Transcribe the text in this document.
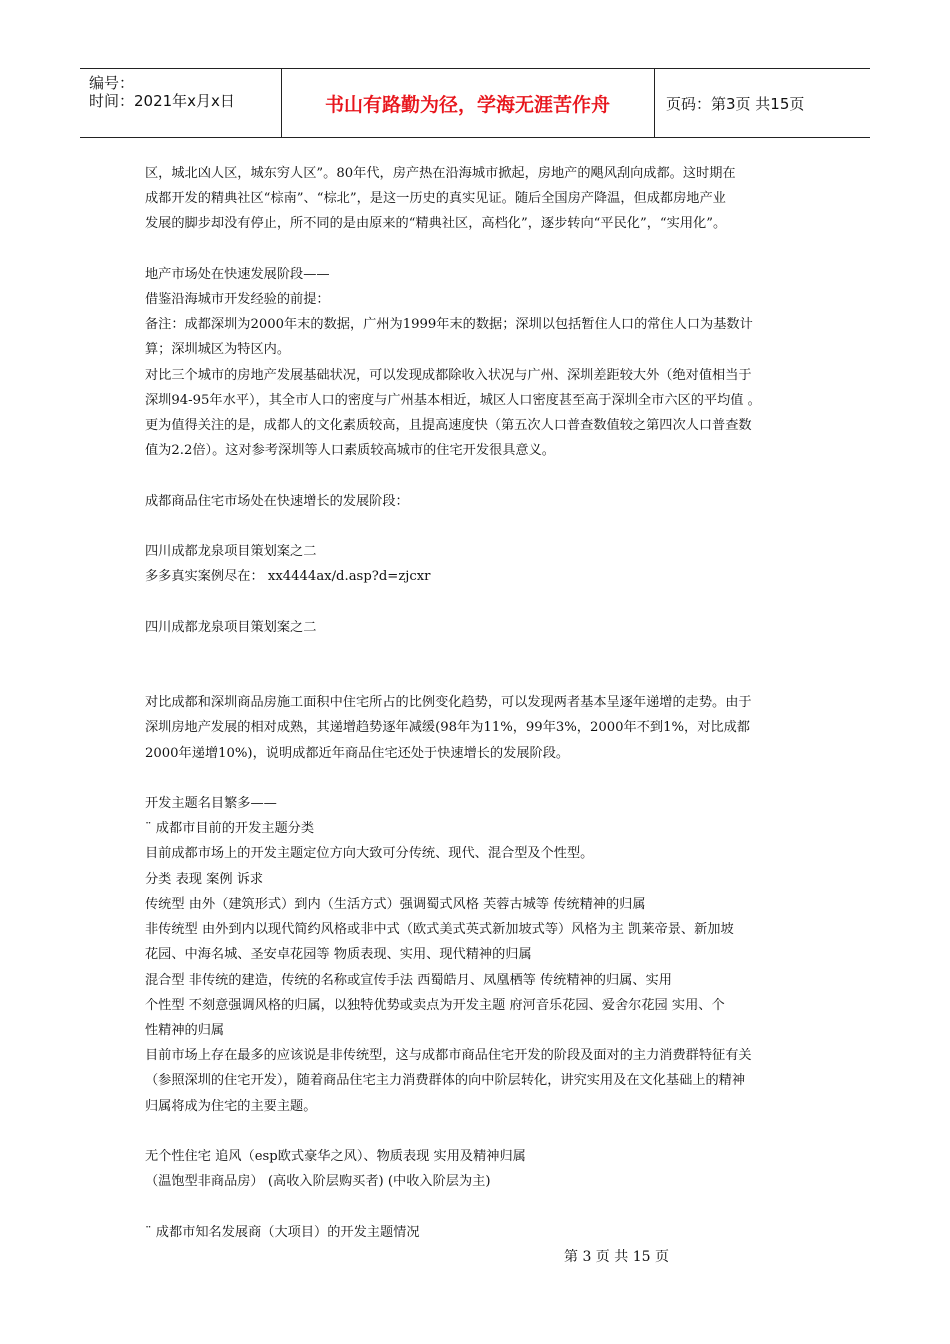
编号：
时间：2021年x月x日	书山有路勤为径，学海无涯苦作舟	页码：第3页 共15页
区，城北凶人区，城东穷人区”。80年代，房产热在沿海城市掀起，房地产的飓风刮向成都。这时期在
成都开发的精典社区“棕南”、“棕北”，是这一历史的真实见证。随后全国房产降温，但成都房地产业
发展的脚步却没有停止，所不同的是由原来的“精典社区，高档化”，逐步转向“平民化”，“实用化”。

地产市场处在快速发展阶段——
借鉴沿海城市开发经验的前提：
备注：成都深圳为2000年末的数据，广州为1999年末的数据；深圳以包括暂住人口的常住人口为基数计
算；深圳城区为特区内。
对比三个城市的房地产发展基础状况，可以发现成都除收入状况与广州、深圳差距较大外（绝对值相当于
深圳94-95年水平），其全市人口的密度与广州基本相近，城区人口密度甚至高于深圳全市六区的平均值 。
更为值得关注的是，成都人的文化素质较高，且提高速度快（第五次人口普查数值较之第四次人口普查数
值为2.2倍）。这对参考深圳等人口素质较高城市的住宅开发很具意义。

成都商品住宅市场处在快速增长的发展阶段：

四川成都龙泉项目策划案之二
多多真实案例尽在： xx4444ax/d.asp?d=zjcxr

四川成都龙泉项目策划案之二

对比成都和深圳商品房施工面积中住宅所占的比例变化趋势，可以发现两者基本呈逐年递增的走势。由于
深圳房地产发展的相对成熟，其递增趋势逐年减缓(98年为11%，99年3%，2000年不到1%，对比成都
2000年递增10%)，说明成都近年商品住宅还处于快速增长的发展阶段。

开发主题名目繁多——
¨ 成都市目前的开发主题分类
目前成都市场上的开发主题定位方向大致可分传统、现代、混合型及个性型。
分类 表现 案例 诉求
传统型 由外（建筑形式）到内（生活方式）强调蜀式风格 芙蓉古城等 传统精神的归属
非传统型 由外到内以现代简约风格或非中式（欧式美式英式新加坡式等）风格为主 凯莱帝景、新加坡
花园、中海名城、圣安卓花园等 物质表现、实用、现代精神的归属
混合型 非传统的建造，传统的名称或宣传手法 西蜀皓月、凤凰栖等 传统精神的归属、实用
个性型 不刻意强调风格的归属，以独特优势或卖点为开发主题 府河音乐花园、爱舍尔花园 实用、个
性精神的归属
目前市场上存在最多的应该说是非传统型，这与成都市商品住宅开发的阶段及面对的主力消费群特征有关
（参照深圳的住宅开发），随着商品住宅主力消费群体的向中阶层转化，讲究实用及在文化基础上的精神
归属将成为住宅的主要主题。

无个性住宅 追风（esp欧式豪华之风）、物质表现 实用及精神归属
（温饱型非商品房） (高收入阶层购买者) (中收入阶层为主)

¨ 成都市知名发展商（大项目）的开发主题情况
第 3 页 共 15 页
